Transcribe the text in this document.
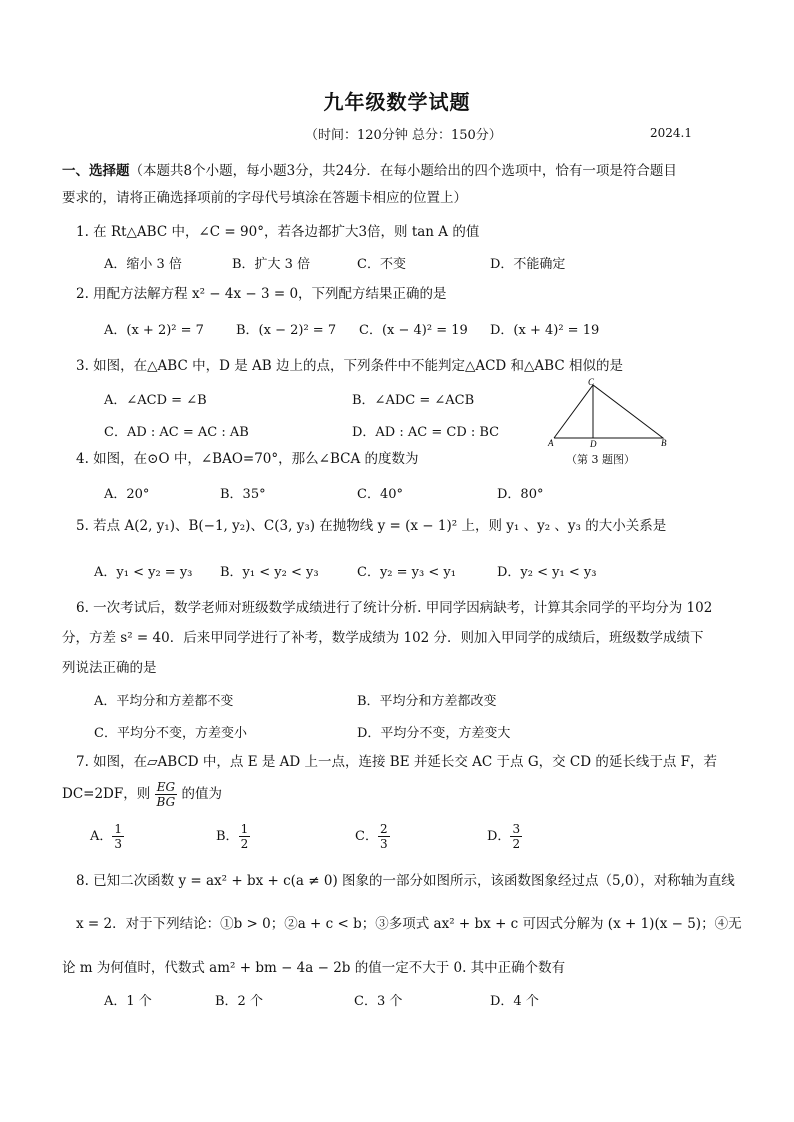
九年级数学试题
（时间：120分钟 总分：150分）	2024.1
一、选择题（本题共8个小题，每小题3分，共24分．在每小题给出的四个选项中，恰有一项是符合题目
要求的，请将正确选择项前的字母代号填涂在答题卡相应的位置上）
1. 在 Rt△ABC 中，∠C = 90°，若各边都扩大3倍，则 tan A 的值
A．缩小 3 倍	B．扩大 3 倍	C．不变	D．不能确定
2. 用配方法解方程 x² − 4x − 3 = 0，下列配方结果正确的是
A．(x + 2)² = 7 B．(x − 2)² = 7 C．(x − 4)² = 19 D．(x + 4)² = 19
3. 如图，在△ABC 中，D 是 AB 边上的点，下列条件中不能判定△ACD 和△ABC 相似的是
A．∠ACD = ∠B	B．∠ADC = ∠ACB
C．AD : AC = AC : AB	D．AD : AC = CD : BC
C
A	D	B
（第 3 题图）
4. 如图，在⊙O 中，∠BAO=70°，那么∠BCA 的度数为
A．20°	B．35°	C．40°	D．80°
5. 若点 A(2, y₁)、B(−1, y₂)、C(3, y₃) 在抛物线 y = (x − 1)² 上，则 y₁ 、y₂ 、y₃ 的大小关系是
A．y₁ < y₂ = y₃ B．y₁ < y₂ < y₃	C．y₂ = y₃ < y₁	D．y₂ < y₁ < y₃
6. 一次考试后，数学老师对班级数学成绩进行了统计分析. 甲同学因病缺考，计算其余同学的平均分为 102
分，方差 s² = 40．后来甲同学进行了补考，数学成绩为 102 分．则加入甲同学的成绩后，班级数学成绩下
列说法正确的是
A．平均分和方差都不变	B．平均分和方差都改变
C．平均分不变，方差变小	D．平均分不变，方差变大
7. 如图，在▱ABCD 中，点 E 是 AD 上一点，连接 BE 并延长交 AC 于点 G，交 CD 的延长线于点 F，若
DC=2DF，则 $\frac{EG}{BG}$ 的值为
A． $\frac{1}{3}$	B． $\frac{1}{2}$	C． $\frac{2}{3}$	D． $\frac{3}{2}$
8. 已知二次函数 y = ax² + bx + c(a ≠ 0) 图象的一部分如图所示，该函数图象经过点（5,0），对称轴为直线
x = 2．对于下列结论：①b > 0；②a + c < b；③多项式 ax² + bx + c 可因式分解为 (x + 1)(x − 5)；④无
论 m 为何值时，代数式 am² + bm − 4a − 2b 的值一定不大于 0. 其中正确个数有
A．1 个	B．2 个	C．3 个	D．4 个
